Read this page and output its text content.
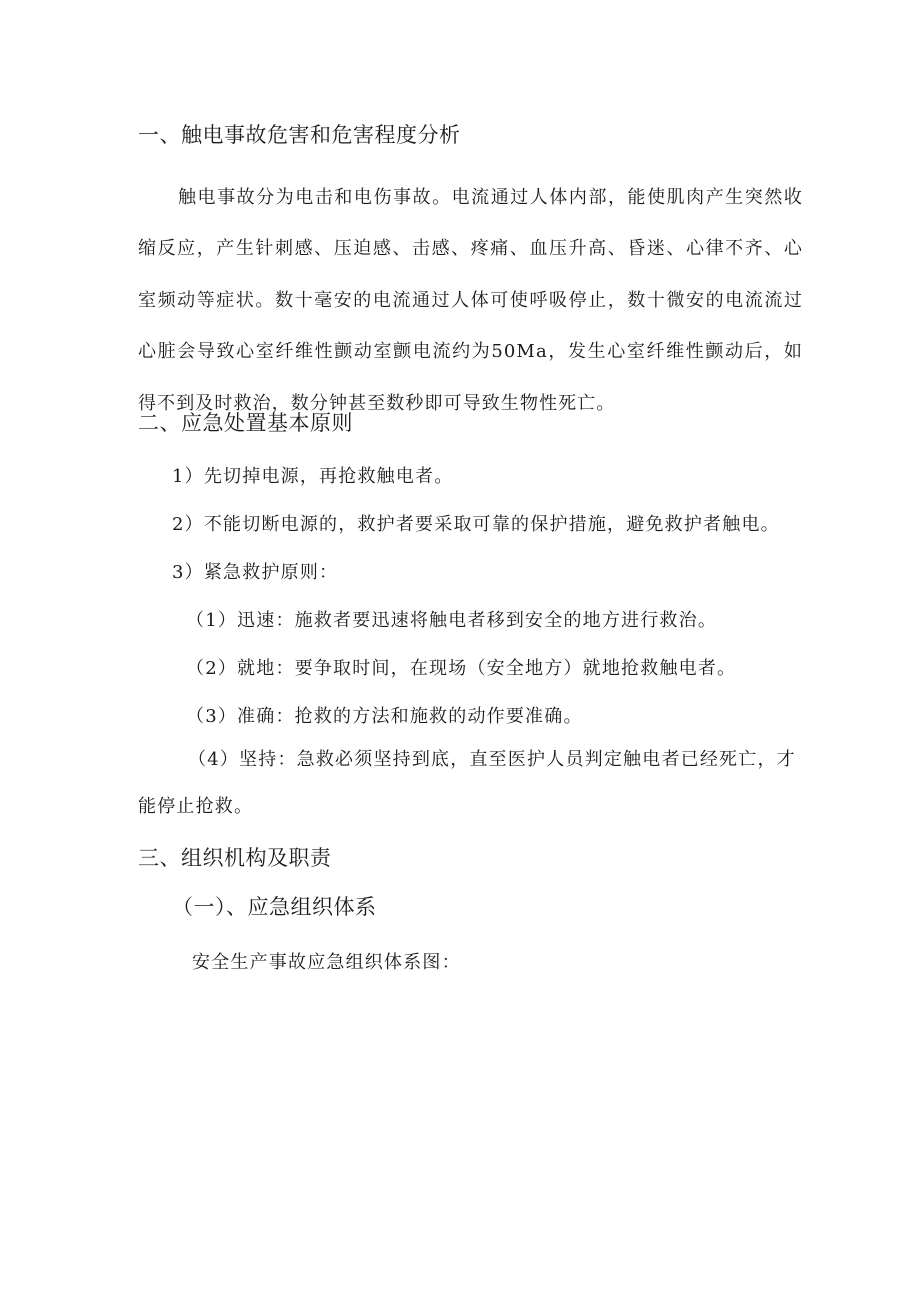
一、触电事故危害和危害程度分析
触电事故分为电击和电伤事故。电流通过人体内部，能使肌肉产生突然收缩反应，产生针刺感、压迫感、击感、疼痛、血压升高、昏迷、心律不齐、心室频动等症状。数十毫安的电流通过人体可使呼吸停止，数十微安的电流流过心脏会导致心室纤维性颤动室颤电流约为50Ma，发生心室纤维性颤动后，如得不到及时救治，数分钟甚至数秒即可导致生物性死亡。
二、应急处置基本原则
1）先切掉电源，再抢救触电者。
2）不能切断电源的，救护者要采取可靠的保护措施，避免救护者触电。
3）紧急救护原则：
（1）迅速：施救者要迅速将触电者移到安全的地方进行救治。
（2）就地：要争取时间，在现场（安全地方）就地抢救触电者。
（3）准确：抢救的方法和施救的动作要准确。
（4）坚持：急救必须坚持到底，直至医护人员判定触电者已经死亡，才能停止抢救。
三、组织机构及职责
（一）、应急组织体系
安全生产事故应急组织体系图：
